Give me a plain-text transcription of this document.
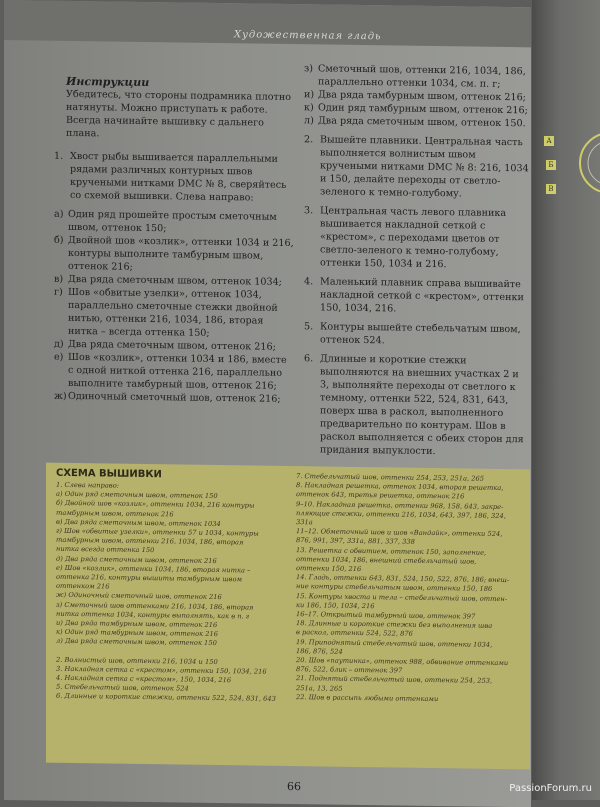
Художественная гладь
Инструкции
Убедитесь, что стороны подрамника плотно натянуты. Можно приступать к работе. Всегда начинайте вышивку с дальнего плана.
1. Хвост рыбы вышивается параллельными рядами различных контурных швов кручеными нитками DMC № 8, сверяйтесь со схемой вышивки. Слева направо:
а) Один ряд прошейте простым сметочным швом, оттенок 150;
б) Двойной шов «козлик», оттенки 1034 и 216, контуры выполните тамбурным швом, оттенок 216;
в) Два ряда сметочным швом, оттенок 1034;
г) Шов «обвитые узелки», оттенок 1034, параллельно сметочные стежки двойной нитью, оттенки 216, 1034, 186, вторая нитка – всегда оттенка 150;
д) Два ряда сметочным швом, оттенок 216;
е) Шов «козлик», оттенки 1034 и 186, вместе с одной ниткой оттенка 216, параллельно выполните тамбурный шов, оттенок 216;
ж) Одиночный сметочный шов, оттенок 216;
з) Сметочный шов, оттенки 216, 1034, 186, параллельно оттенки 1034, см. п. г;
и) Два ряда тамбурным швом, оттенок 216;
к) Один ряд тамбурным швом, оттенок 216;
л) Два ряда сметочным швом, оттенок 150.
2. Вышейте плавники. Центральная часть выполняется волнистым швом кручеными нитками DMC № 8: 216, 1034 и 150, делайте переходы от светло-зеленого к темно-голубому.
3. Центральная часть левого плавника вышивается накладной сеткой с «крестом», с переходами цветов от светло-зеленого к темно-голубому, оттенки 150, 1034 и 216.
4. Маленький плавник справа вышивайте накладной сеткой с «крестом», оттенки 150, 1034, 216.
5. Контуры вышейте стебельчатым швом, оттенок 524.
6. Длинные и короткие стежки выполняются на внешних участках 2 и 3, выполняйте переходы от светлого к темному, оттенки 522, 524, 831, 643, поверх шва в раскол, выполненного предварительно по контурам. Шов в раскол выполняется с обеих сторон для придания выпуклости.
66
А
Б
В
СХЕМА ВЫШИВКИ
1. Слева направо:
а) Один ряд сметочным швом, оттенок 150
б) Двойной шов «козлик», оттенки 1034, 216 контуры
тамбурным швом, оттенок 216
в) Два ряда сметочным швом, оттенок 1034
г) Шов «обвитые узелки», оттенки 57 и 1034, контуры
тамбурным швом, оттенки 216, 1034, 186, вторая
нитка всегда оттенка 150
д) Два ряда сметочным швом, оттенок 216
е) Шов «козлик», оттенки 1034, 186, вторая нитка –
оттенка 216, контуры вышиты тамбурным швом
оттенком 216
ж) Одиночный сметочный шов, оттенок 216
з) Сметочный шов оттенками 216, 1034, 186, вторая
нитка оттенка 1034, контуры выполнять, как в п. г
и) Два ряда тамбурным швом, оттенок 216
к) Один ряд тамбурным швом, оттенок 216
л) Два ряда сметочным швом, оттенок 150
2. Волнистый шов, оттенки 216, 1034 и 150
3. Накладная сетка с «крестом», оттенки 150, 1034, 216
4. Накладная сетка с «крестом», 150, 1034, 216
5. Стебельчатый шов, оттенок 524
6. Длинные и короткие стежки, оттенки 522, 524, 831, 643
7. Стебельчатый шов, оттенки 254, 253, 251а, 265
8. Накладная решетка, оттенок 1034, вторая решетка,
оттенок 643, третья решетка, оттенок 216
9–10. Накладная решетка, оттенки 968, 158, 643, закре-
пляющие стежки, оттенки 216, 1034, 643, 397, 186, 324,
331а
11–12. Обметочный шов и шов «Вандайк», оттенки 524,
876, 991, 397, 331а, 881, 337, 338
13. Решетка с обвитием, оттенок 150, заполнение,
оттенки 1034, 186, внешний стебельчатый шов,
оттенки 150, 216
14. Гладь, оттенки 643, 831, 524, 150, 522, 876, 186; внеш-
ние контуры стебельчатым швом, оттенки 150, 186
15. Контуры хвоста и тела – стебельчатый шов, оттен-
ки 186, 150, 1034, 216
16–17. Открытый тамбурный шов, оттенок 397
18. Длинные и короткие стежки без выполнения шва
в раскол, оттенки 524, 522, 876
19. Приподнятый стебельчатый шов, оттенки 1034,
186, 876, 524
20. Шов «паутинка», оттенок 988, обвивание оттенками
876, 522, блик – оттенок 397
21. Поднятый стебельчатый шов, оттенки 254, 253,
251а, 13, 265
22. Шов в рассыпь любыми оттенками
PassionForum.ru
